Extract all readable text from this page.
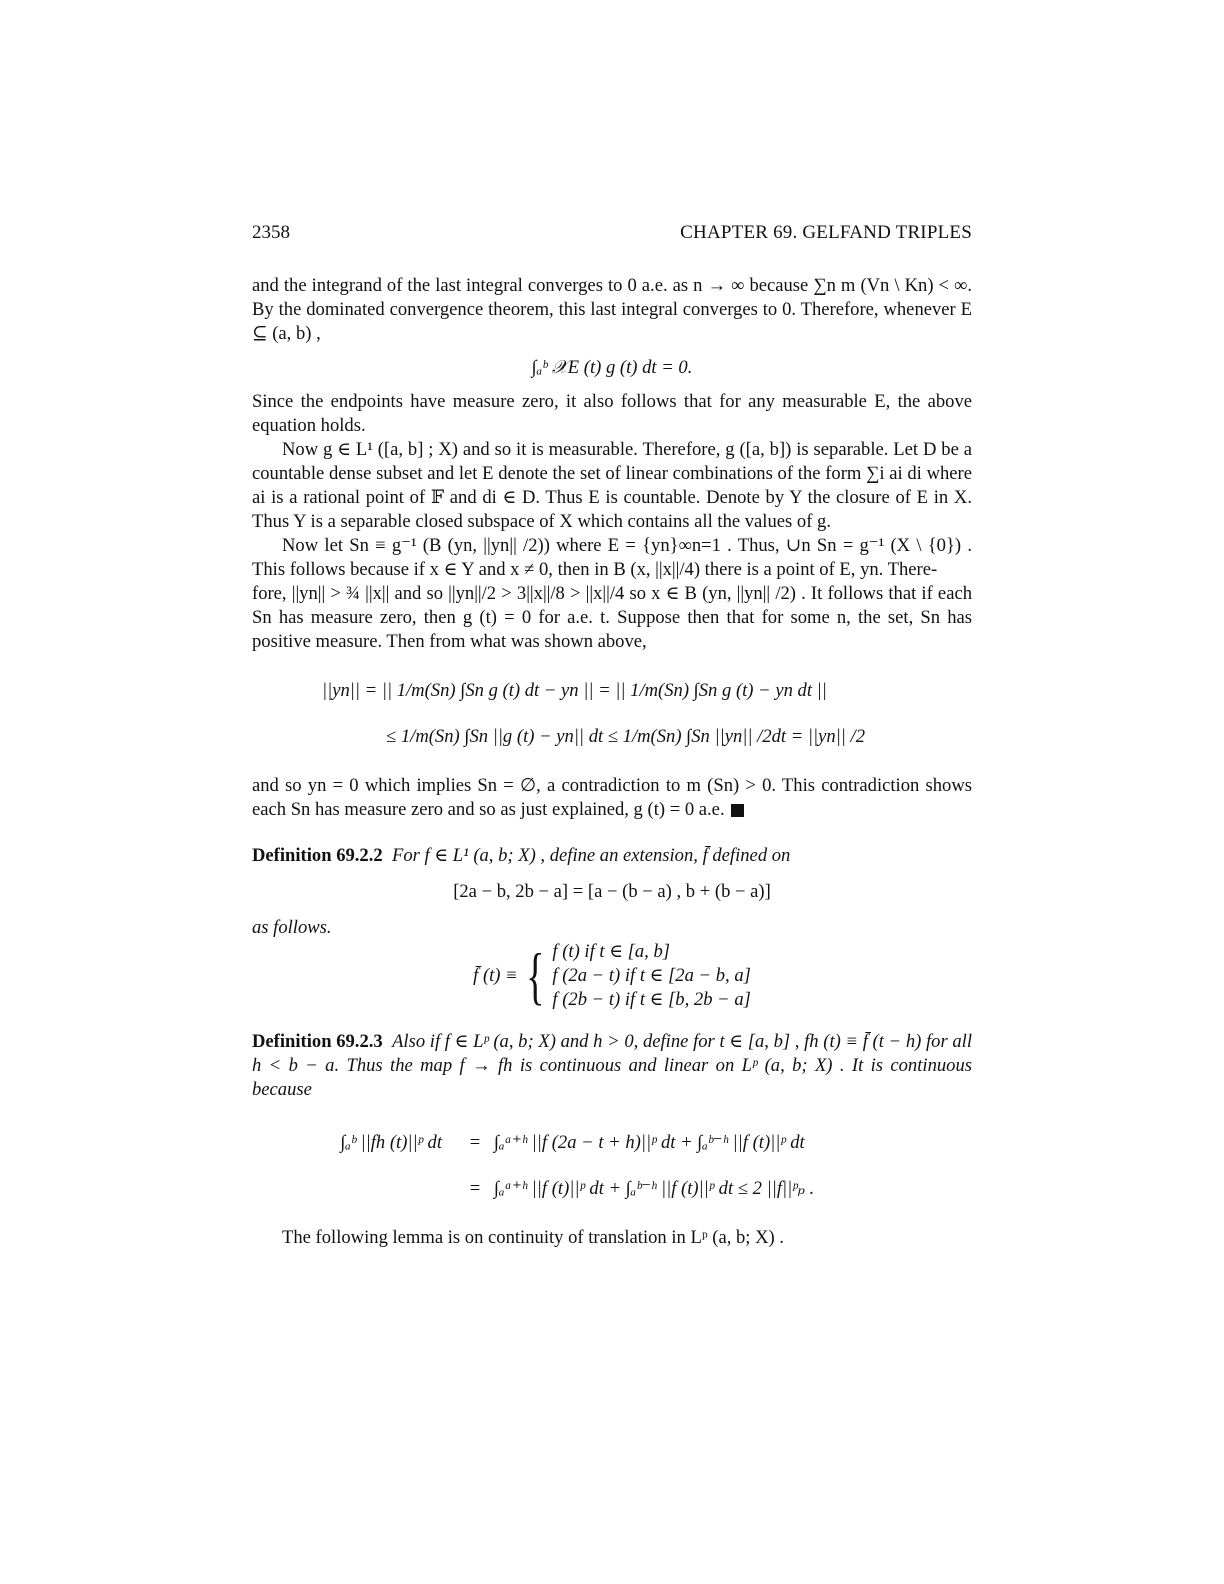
2358	CHAPTER 69. GELFAND TRIPLES

and the integrand of the last integral converges to 0 a.e. as n → ∞ because ∑n m (Vn \ Kn) < ∞. By the dominated convergence theorem, this last integral converges to 0. Therefore, whenever E ⊆ (a, b) ,

∫ₐᵇ 𝒳E (t) g (t) dt = 0.

Since the endpoints have measure zero, it also follows that for any measurable E, the above equation holds.

Now g ∈ L¹ ([a, b] ; X) and so it is measurable. Therefore, g ([a, b]) is separable. Let D be a countable dense subset and let E denote the set of linear combinations of the form ∑i ai di where ai is a rational point of 𝔽 and di ∈ D. Thus E is countable. Denote by Y the closure of E in X. Thus Y is a separable closed subspace of X which contains all the values of g.

Now let Sn ≡ g⁻¹ (B (yn, ||yn|| /2)) where E = {yn}∞n=1 . Thus, ∪n Sn = g⁻¹ (X \ {0}) . This follows because if x ∈ Y and x ≠ 0, then in B (x, ||x||/4) there is a point of E, yn. There-

fore, ||yn|| > ¾ ||x|| and so ||yn||/2 > 3||x||/8 > ||x||/4 so x ∈ B (yn, ||yn|| /2) . It follows that if each Sn has measure zero, then g (t) = 0 for a.e. t. Suppose then that for some n, the set, Sn has positive measure. Then from what was shown above,

||yn|| = || 1/m(Sn) ∫Sn g (t) dt − yn || = || 1/m(Sn) ∫Sn g (t) − yn dt ||
≤ 1/m(Sn) ∫Sn ||g (t) − yn|| dt ≤ 1/m(Sn) ∫Sn ||yn|| /2dt = ||yn|| /2

and so yn = 0 which implies Sn = ∅, a contradiction to m (Sn) > 0. This contradiction shows each Sn has measure zero and so as just explained, g (t) = 0 a.e.

Definition 69.2.2 For f ∈ L¹ (a, b; X) , define an extension, f̄ defined on

[2a − b, 2b − a] = [a − (b − a) , b + (b − a)]

as follows.

f̄ (t) ≡ { f (t) if t ∈ [a, b]
f (2a − t) if t ∈ [2a − b, a]
f (2b − t) if t ∈ [b, 2b − a]

Definition 69.2.3 Also if f ∈ Lᵖ (a, b; X) and h > 0, define for t ∈ [a, b] , fh (t) ≡ f̄ (t − h) for all h < b − a. Thus the map f → fh is continuous and linear on Lᵖ (a, b; X) . It is continuous because

∫ₐᵇ ||fh (t)||ᵖ dt	= ∫ₐᵃ⁺ʰ ||f (2a − t + h)||ᵖ dt + ∫ₐᵇ⁻ʰ ||f (t)||ᵖ dt
= ∫ₐᵃ⁺ʰ ||f (t)||ᵖ dt + ∫ₐᵇ⁻ʰ ||f (t)||ᵖ dt ≤ 2 ||f||ᵖₚ .

The following lemma is on continuity of translation in Lᵖ (a, b; X) .
